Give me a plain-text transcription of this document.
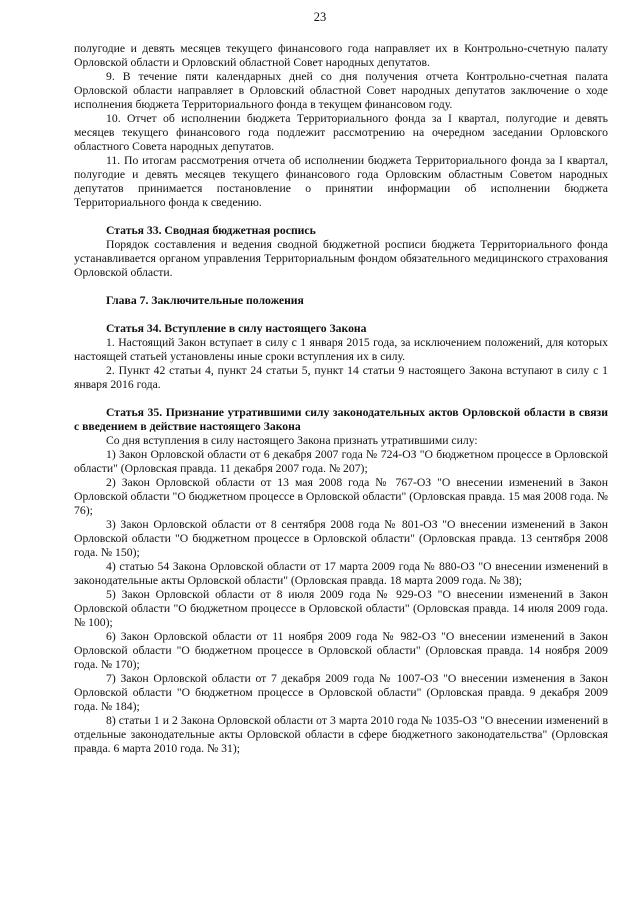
23

полугодие и девять месяцев текущего финансового года направляет их в Контрольно-счетную палату Орловской области и Орловский областной Совет народных депутатов.

9. В течение пяти календарных дней со дня получения отчета Контрольно-счетная палата Орловской области направляет в Орловский областной Совет народных депутатов заключение о ходе исполнения бюджета Территориального фонда в текущем финансовом году.

10. Отчет об исполнении бюджета Территориального фонда за I квартал, полугодие и девять месяцев текущего финансового года подлежит рассмотрению на очередном заседании Орловского областного Совета народных депутатов.

11. По итогам рассмотрения отчета об исполнении бюджета Территориального фонда за I квартал, полугодие и девять месяцев текущего финансового года Орловским областным Советом народных депутатов принимается постановление о принятии информации об исполнении бюджета Территориального фонда к сведению.

Статья 33. Сводная бюджетная роспись

Порядок составления и ведения сводной бюджетной росписи бюджета Территориального фонда устанавливается органом управления Территориальным фондом обязательного медицинского страхования Орловской области.

Глава 7. Заключительные положения

Статья 34. Вступление в силу настоящего Закона

1. Настоящий Закон вступает в силу с 1 января 2015 года, за исключением положений, для которых настоящей статьей установлены иные сроки вступления их в силу.

2. Пункт 42 статьи 4, пункт 24 статьи 5, пункт 14 статьи 9 настоящего Закона вступают в силу с 1 января 2016 года.

Статья 35. Признание утратившими силу законодательных актов Орловской области в связи с введением в действие настоящего Закона

Со дня вступления в силу настоящего Закона признать утратившими силу:

1) Закон Орловской области от 6 декабря 2007 года № 724-ОЗ "О бюджетном процессе в Орловской области" (Орловская правда. 11 декабря 2007 года. № 207);

2) Закон Орловской области от 13 мая 2008 года № 767-ОЗ "О внесении изменений в Закон Орловской области "О бюджетном процессе в Орловской области" (Орловская правда. 15 мая 2008 года. № 76);

3) Закон Орловской области от 8 сентября 2008 года № 801-ОЗ "О внесении изменений в Закон Орловской области "О бюджетном процессе в Орловской области" (Орловская правда. 13 сентября 2008 года. № 150);

4) статью 54 Закона Орловской области от 17 марта 2009 года № 880-ОЗ "О внесении изменений в законодательные акты Орловской области" (Орловская правда. 18 марта 2009 года. № 38);

5) Закон Орловской области от 8 июля 2009 года № 929-ОЗ "О внесении изменений в Закон Орловской области "О бюджетном процессе в Орловской области" (Орловская правда. 14 июля 2009 года. № 100);

6) Закон Орловской области от 11 ноября 2009 года № 982-ОЗ "О внесении изменений в Закон Орловской области "О бюджетном процессе в Орловской области" (Орловская правда. 14 ноября 2009 года. № 170);

7) Закон Орловской области от 7 декабря 2009 года № 1007-ОЗ "О внесении изменения в Закон Орловской области "О бюджетном процессе в Орловской области" (Орловская правда. 9 декабря 2009 года. № 184);

8) статьи 1 и 2 Закона Орловской области от 3 марта 2010 года № 1035-ОЗ "О внесении изменений в отдельные законодательные акты Орловской области в сфере бюджетного законодательства" (Орловская правда. 6 марта 2010 года. № 31);
